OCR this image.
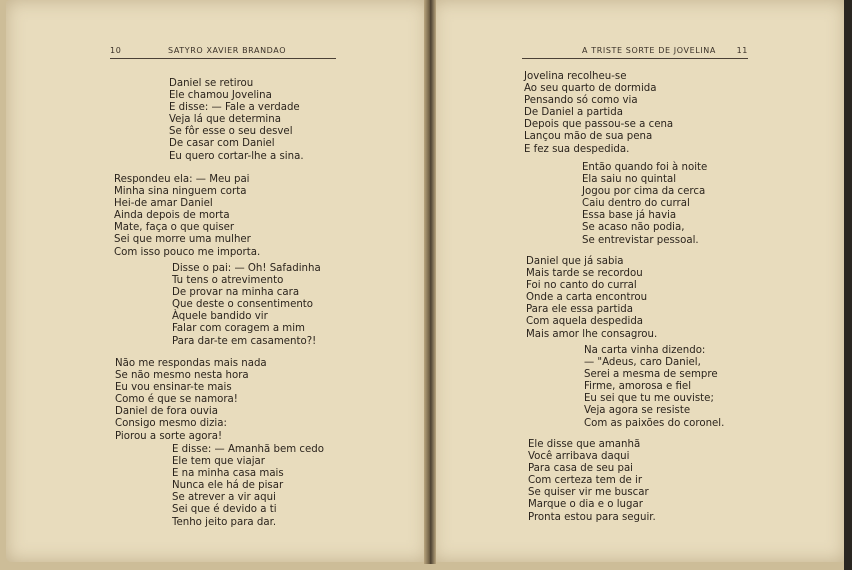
10	SATYRO XAVIER BRANDAO	A TRISTE SORTE DE JOVELINA	11
Daniel se retirou
Ele chamou Jovelina
E disse: — Fale a verdade
Veja lá que determina
Se fôr esse o seu desvel
De casar com Daniel
Eu quero cortar-lhe a sina.
Respondeu ela: — Meu pai
Minha sina ninguem corta
Hei-de amar Daniel
Ainda depois de morta
Mate, faça o que quiser
Sei que morre uma mulher
Com isso pouco me importa.
Disse o pai: — Oh! Safadinha
Tu tens o atrevimento
De provar na minha cara
Que deste o consentimento
Àquele bandido vir
Falar com coragem a mim
Para dar-te em casamento?!
Não me respondas mais nada
Se não mesmo nesta hora
Eu vou ensinar-te mais
Como é que se namora!
Daniel de fora ouvia
Consigo mesmo dizia:
Piorou a sorte agora!
E disse: — Amanhã bem cedo
Ele tem que viajar
E na minha casa mais
Nunca ele há de pisar
Se atrever a vir aqui
Sei que é devido a ti
Tenho jeito para dar.
Jovelina recolheu-se
Ao seu quarto de dormida
Pensando só como via
De Daniel a partida
Depois que passou-se a cena
Lançou mão de sua pena
E fez sua despedida.
Então quando foi à noite
Ela saiu no quintal
Jogou por cima da cerca
Caiu dentro do curral
Essa base já havia
Se acaso não podia,
Se entrevistar pessoal.
Daniel que já sabia
Mais tarde se recordou
Foi no canto do curral
Onde a carta encontrou
Para ele essa partida
Com aquela despedida
Mais amor lhe consagrou.
Na carta vinha dizendo:
— "Adeus, caro Daniel,
Serei a mesma de sempre
Firme, amorosa e fiel
Eu sei que tu me ouviste;
Veja agora se resiste
Com as paixões do coronel.
Ele disse que amanhã
Você arribava daqui
Para casa de seu pai
Com certeza tem de ir
Se quiser vir me buscar
Marque o dia e o lugar
Pronta estou para seguir.
